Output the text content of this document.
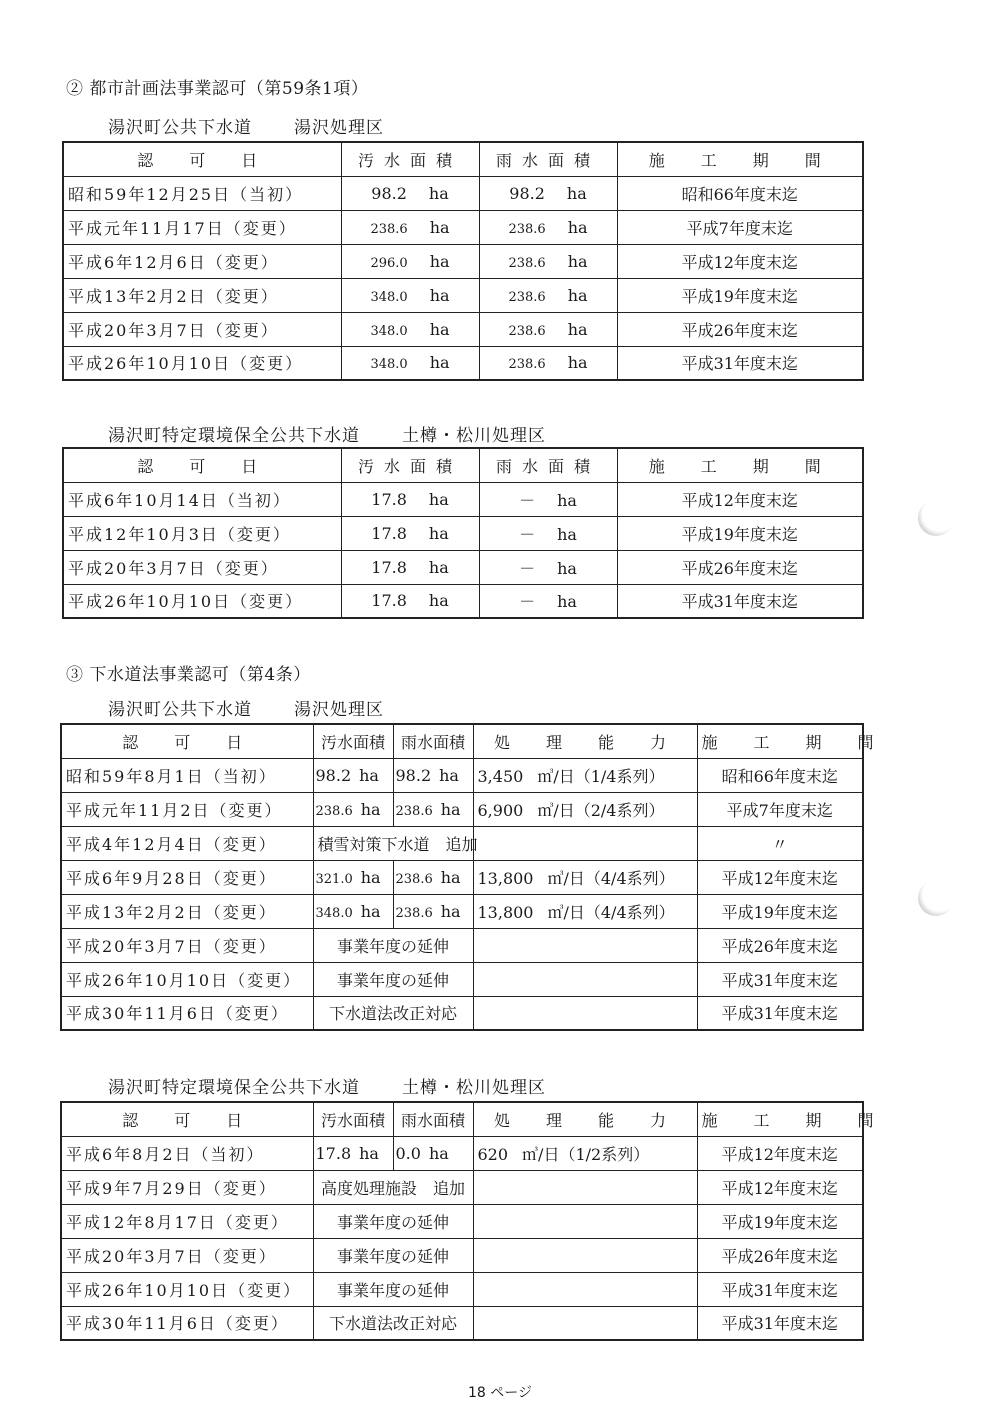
② 都市計画法事業認可（第59条1項）
湯沢町公共下水道 湯沢処理区
認　可　日	汚水面積	雨水面積	施　工　期　間
昭和59年12月25日（当初）	98.2 ha	98.2 ha	昭和66年度末迄
平成元年11月17日（変更）	238.6 ha	238.6 ha	平成7年度末迄
平成6年12月6日（変更）	296.0 ha	238.6 ha	平成12年度末迄
平成13年2月2日（変更）	348.0 ha	238.6 ha	平成19年度末迄
平成20年3月7日（変更）	348.0 ha	238.6 ha	平成26年度末迄
平成26年10月10日（変更）	348.0 ha	238.6 ha	平成31年度末迄
湯沢町特定環境保全公共下水道 土樽・松川処理区
認　可　日	汚水面積	雨水面積	施　工　期　間
平成6年10月14日（当初）	17.8 ha	－ ha	平成12年度末迄
平成12年10月3日（変更）	17.8 ha	－ ha	平成19年度末迄
平成20年3月7日（変更）	17.8 ha	－ ha	平成26年度末迄
平成26年10月10日（変更）	17.8 ha	－ ha	平成31年度末迄
③ 下水道法事業認可（第4条）
湯沢町公共下水道 湯沢処理区
認　可　日	汚水面積	雨水面積	処　理　能　力	施　工　期　間
昭和59年8月1日（当初）	98.2 ha	98.2 ha	3,450 ㎥/日（1/4系列）	昭和66年度末迄
平成元年11月2日（変更）	238.6 ha	238.6 ha	6,900 ㎥/日（2/4系列）	平成7年度末迄
平成4年12月4日（変更）	積雪対策下水道　追加			〃
平成6年9月28日（変更）	321.0 ha	238.6 ha	13,800 ㎥/日（4/4系列）	平成12年度末迄
平成13年2月2日（変更）	348.0 ha	238.6 ha	13,800 ㎥/日（4/4系列）	平成19年度末迄
平成20年3月7日（変更）	事業年度の延伸			平成26年度末迄
平成26年10月10日（変更）	事業年度の延伸			平成31年度末迄
平成30年11月6日（変更）	下水道法改正対応			平成31年度末迄
湯沢町特定環境保全公共下水道 土樽・松川処理区
認　可　日	汚水面積	雨水面積	処　理　能　力	施　工　期　間
平成6年8月2日（当初）	17.8 ha	0.0 ha	620 ㎥/日（1/2系列）	平成12年度末迄
平成9年7月29日（変更）	高度処理施設　追加			平成12年度末迄
平成12年8月17日（変更）	事業年度の延伸			平成19年度末迄
平成20年3月7日（変更）	事業年度の延伸			平成26年度末迄
平成26年10月10日（変更）	事業年度の延伸			平成31年度末迄
平成30年11月6日（変更）	下水道法改正対応			平成31年度末迄
18 ページ
